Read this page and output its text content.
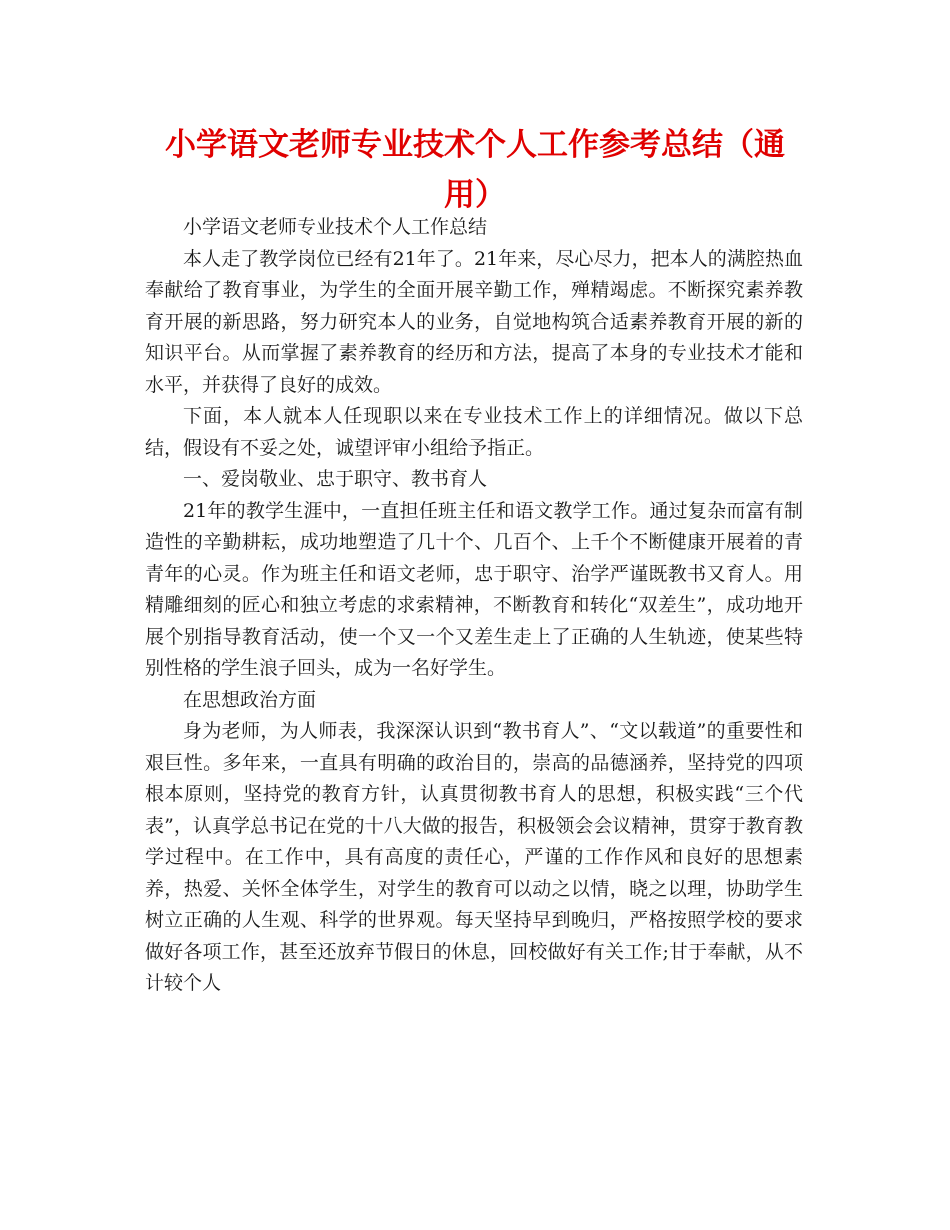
小学语文老师专业技术个人工作参考总结（通用）

小学语文老师专业技术个人工作总结

本人走了教学岗位已经有21年了。21年来，尽心尽力，把本人的满腔热血奉献给了教育事业，为学生的全面开展辛勤工作，殚精竭虑。不断探究素养教育开展的新思路，努力研究本人的业务，自觉地构筑合适素养教育开展的新的知识平台。从而掌握了素养教育的经历和方法，提高了本身的专业技术才能和水平，并获得了良好的成效。

下面，本人就本人任现职以来在专业技术工作上的详细情况。做以下总结，假设有不妥之处，诚望评审小组给予指正。

一、爱岗敬业、忠于职守、教书育人

21年的教学生涯中，一直担任班主任和语文教学工作。通过复杂而富有制造性的辛勤耕耘，成功地塑造了几十个、几百个、上千个不断健康开展着的青青年的心灵。作为班主任和语文老师，忠于职守、治学严谨既教书又育人。用精雕细刻的匠心和独立考虑的求索精神，不断教育和转化“双差生”，成功地开展个别指导教育活动，使一个又一个又差生走上了正确的人生轨迹，使某些特别性格的学生浪子回头，成为一名好学生。

在思想政治方面

身为老师，为人师表，我深深认识到“教书育人”、“文以载道”的重要性和艰巨性。多年来，一直具有明确的政治目的，崇高的品德涵养，坚持党的四项根本原则，坚持党的教育方针，认真贯彻教书育人的思想，积极实践“三个代表”，认真学总书记在党的十八大做的报告，积极领会会议精神，贯穿于教育教学过程中。在工作中，具有高度的责任心，严谨的工作作风和良好的思想素养，热爱、关怀全体学生，对学生的教育可以动之以情，晓之以理，协助学生树立正确的人生观、科学的世界观。每天坚持早到晚归，严格按照学校的要求做好各项工作，甚至还放弃节假日的休息，回校做好有关工作;甘于奉献，从不计较个人
